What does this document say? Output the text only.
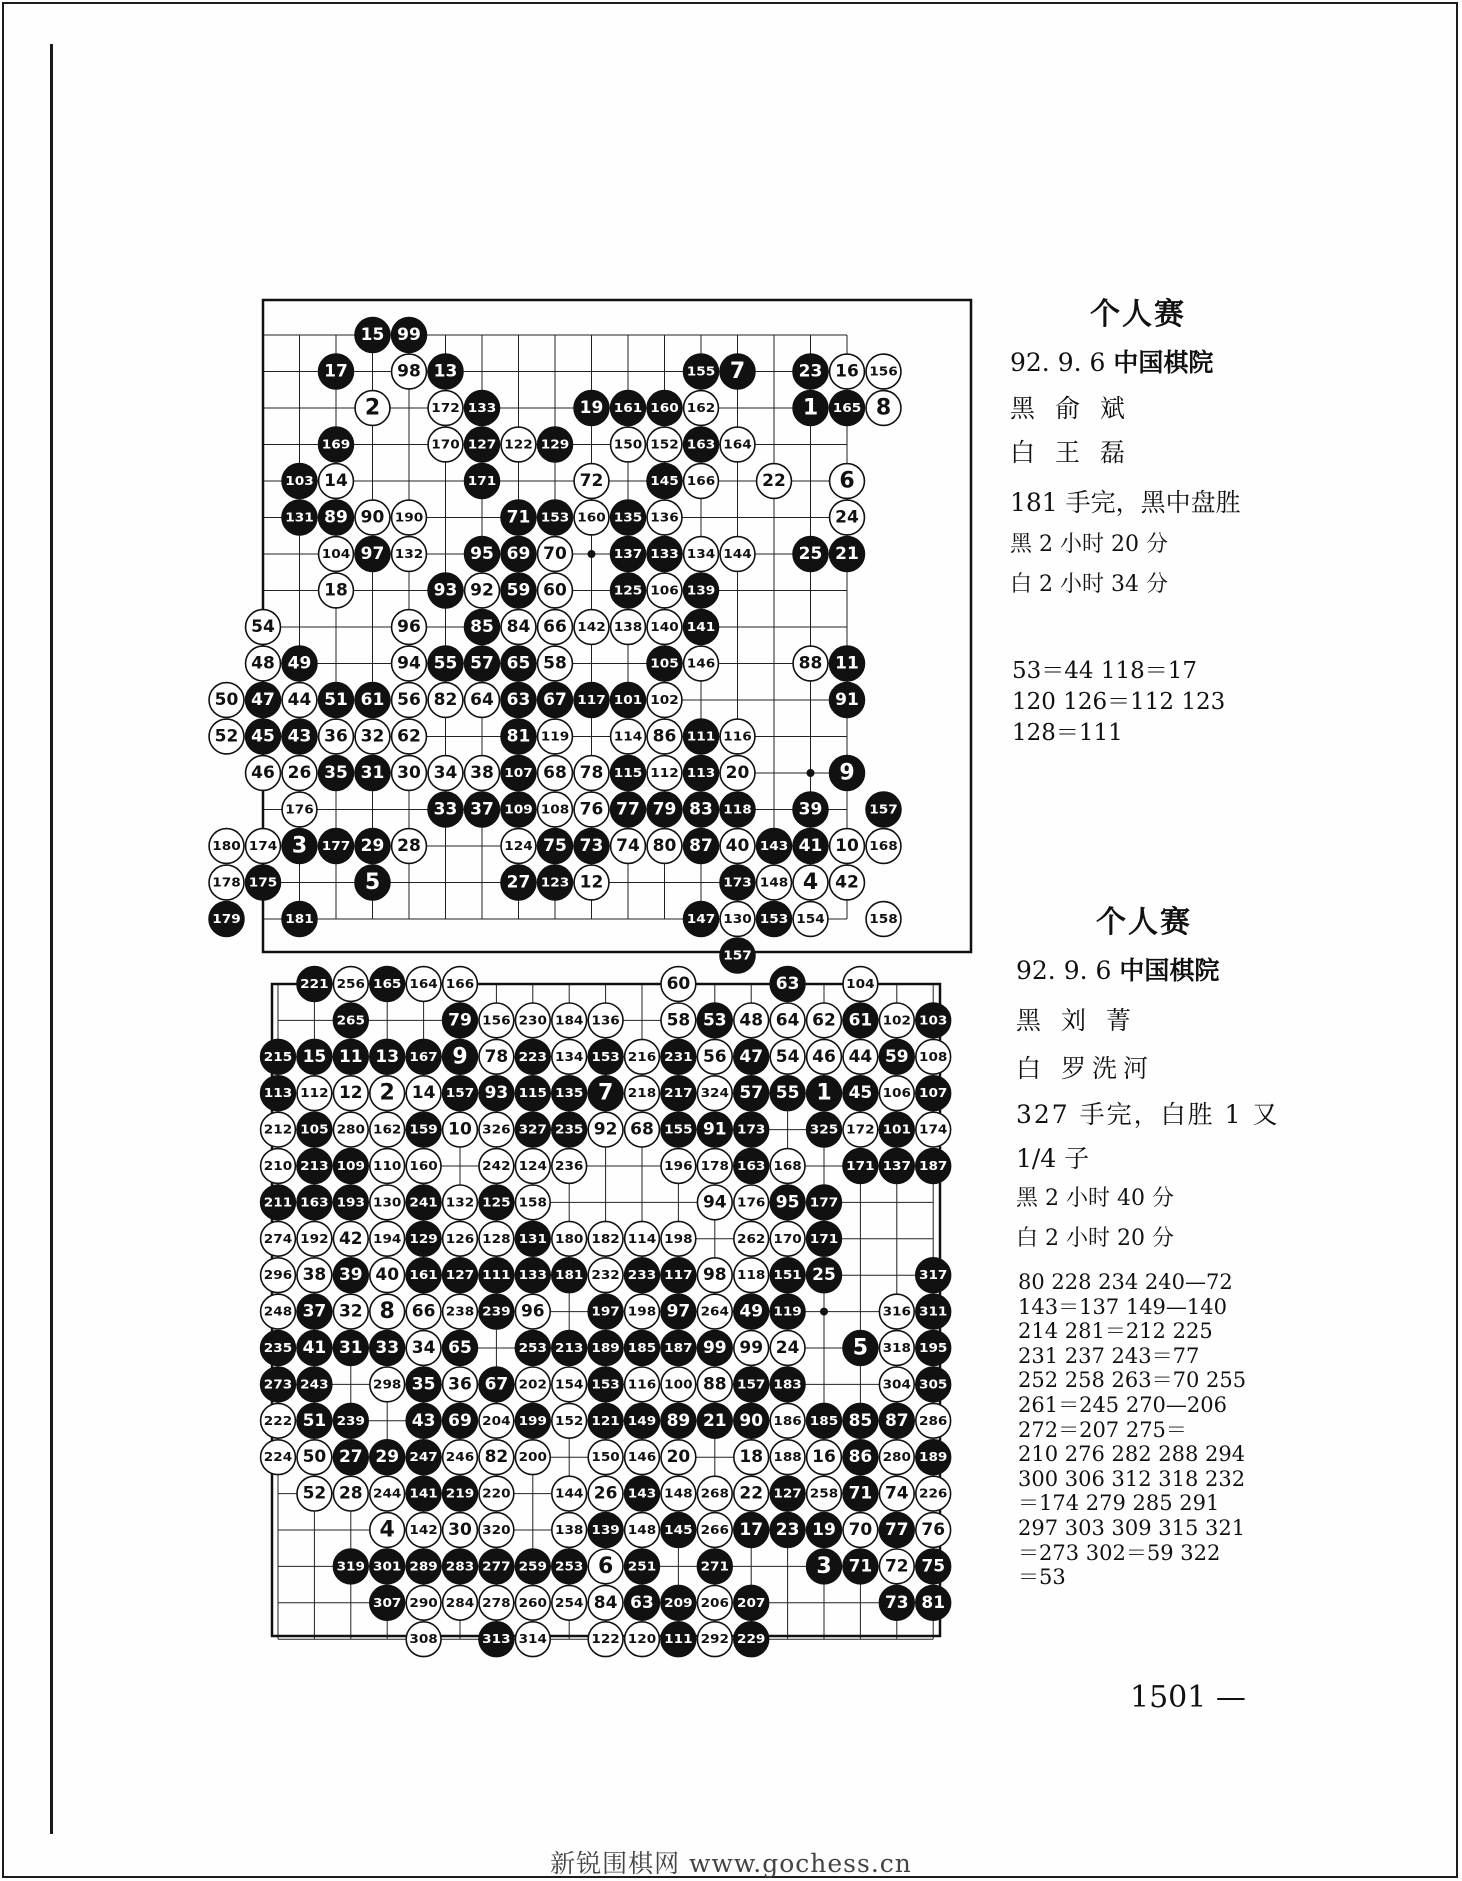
15 99
17	98 13	155 7	23 16 156
2	172 133	19 161 160 162	1 165 8
169	170 127 122 129	150 152 163 164
103 14	171	72	145 166	22 6
131 89 90 190	71 153 160 135 136	24
104 97 132	95 69 70	137 133 134 144	25 21
18	93 92 59 60	125 106 139
54	96	85 84 66 142 138 140 141
48 49	94 55 57 65 58	105 146	88 11
50 47 44 51 61 56 82 64 63 67 117 101 102	91
52 45 43 36 32 62	81 119	114 86 111 116
46 26 35 31 30 34 38 107 68 78 115 112 113 20	9
176	33 37 109 108 76 77 79 83 118	39	157
180 174 3 177 29 28	124 75 73 74 80 87 40 143 41 10 168
178 175	5	27 123 12	173 148 4 42
179	181	147 130 153 154	158
157
221 256 165 164 166	60	63	104
265	79 156 230 184 136	58 53 48 64 62 61 102 103
215 15 11 13 167 9 78 223 134 153 216 231 56 47 54 46 44 59 108
113 112 12 2 14 157 93 115 135 7 218 217 324 57 55 1 45 106 107
212 105 280 162 159 10 326 327 235 92 68 155 91 173	325 172 101 174
210 213 109 110 160	242 124 236	196 178 163 168	171 137 187
211 163 193 130 241 132 125 158	94 176 95 177
274 192 42 194 129 126 128 131 180 182 114 198	262 170 171
296 38 39 40 161 127 111 133 181 232 233 117 98 118 151 25	317
248 37 32 8 66 238 239 96	197 198 97 264 49 119	316 311
235 41 31 33 34 65	253 213 189 185 187 99 99 24 5 318 195
273 243	298 35 36 67 202 154 153 116 100 88 157 183	304 305
222 51 239	43 69 204 199 152 121 149 89 21 90 186 185 85 87 286
224 50 27 29 247 246 82 200	150 146 20	18 188 16 86 280 189
52 28 244 141 219 220	144 26 143 148 268 22 127 258 71 74 226
4 142 30 320	138 139 148 145 266 17 23 19 70 77 76
319 301 289 283 277 259 253 6 251	271	3 71 72 75
307 290 284 278 260 254 84 63 209 206 207	73 81
308	313 314	122 120 111 292 229
个人赛
92. 9. 6 中国棋院
黑 俞 斌
白 王 磊
181 手完，黑中盘胜
黑 2 小时 20 分
白 2 小时 34 分
53＝44 118＝17
120 126＝112 123
128＝111
个人赛
92. 9. 6 中国棋院
黑 刘 菁
白 罗洗河
327 手完，白胜 1 又
1/4 子
黑 2 小时 40 分
白 2 小时 20 分
80 228 234 240—72
143＝137 149—140
214 281＝212 225
231 237 243＝77
252 258 263＝70 255
261＝245 270—206
272＝207 275＝
210 276 282 288 294
300 306 312 318 232
＝174 279 285 291
297 303 309 315 321
＝273 302＝59 322
＝53
1501 —
新锐围棋网 www.gochess.cn
